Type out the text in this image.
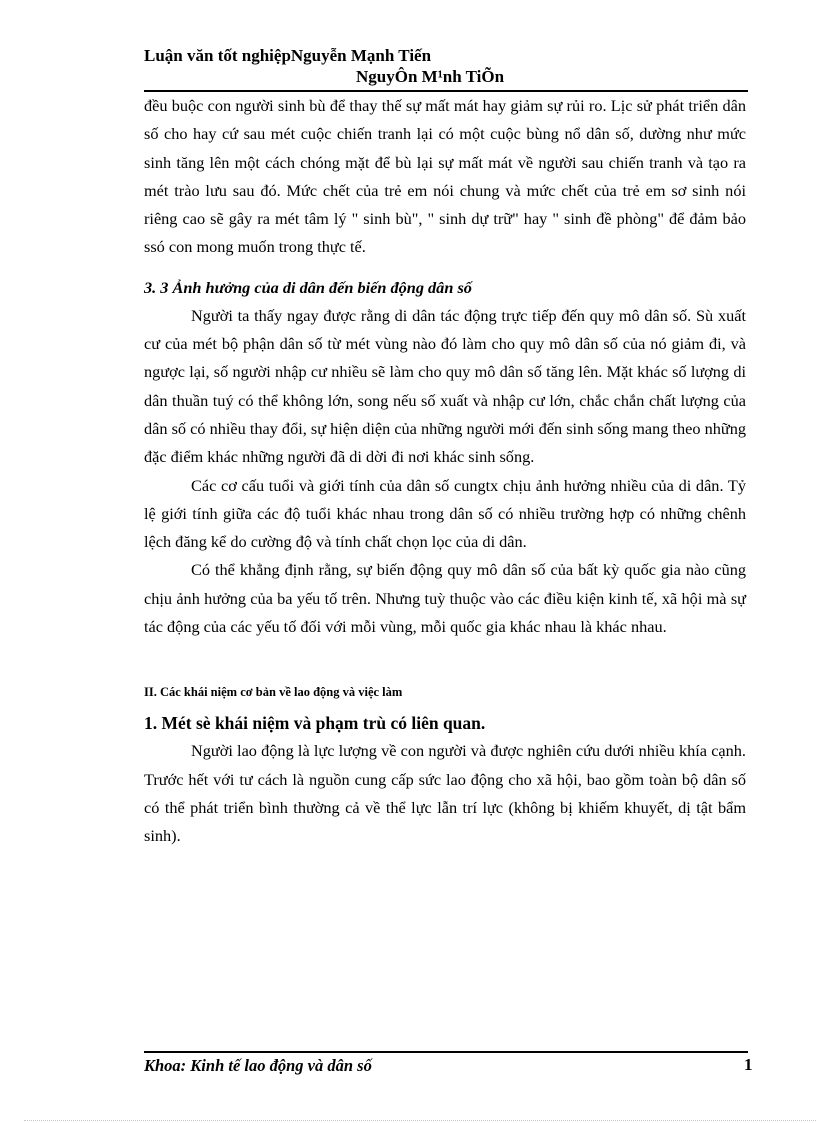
Luận văn tốt nghiệpNguyễn Mạnh Tiến
NguyÔn M¹nh TiÕn

đều buộc con người sinh bù để thay thế sự mất mát hay giảm sự rủi ro. Lịc sử phát triển dân số cho hay cứ sau mét cuộc chiến tranh lại có một cuộc bùng nổ dân số, dường như mức sinh tăng lên một cách chóng mặt để bù lại sự mất mát về người sau chiến tranh và tạo ra mét trào lưu sau đó. Mức chết của trẻ em nói chung và mức chết của trẻ em sơ sinh nói riêng cao sẽ gây ra mét tâm lý " sinh bù", " sinh dự trữ" hay " sinh đề phòng" để đảm bảo ssó con mong muốn trong thực tế.

3. 3 Ảnh hưởng của di dân đến biến động dân số

Người ta thấy ngay được rằng di dân tác động trực tiếp đến quy mô dân số. Sù xuất cư của mét bộ phận dân số từ mét vùng nào đó làm cho quy mô dân số của nó giảm đi, và ngược lại, số người nhập cư nhiều sẽ làm cho quy mô dân số tăng lên. Mặt khác số lượng di dân thuần tuý có thể không lớn, song nếu số xuất và nhập cư lớn, chắc chắn chất lượng của dân số có nhiều thay đổi, sự hiện diện của những người mới đến sinh sống mang theo những đặc điểm khác những người đã di dời đi nơi khác sinh sống.

Các cơ cấu tuổi và giới tính của dân số cungtx chịu ảnh hưởng nhiều của di dân. Tỷ lệ giới tính giữa các độ tuổi khác nhau trong dân số có nhiều trường hợp có những chênh lệch đăng kể do cường độ và tính chất chọn lọc của di dân.

Có thể khẳng định rằng, sự biến động quy mô dân số của bất kỳ quốc gia nào cũng chịu ảnh hưởng của ba yếu tố trên. Nhưng tuỳ thuộc vào các điều kiện kinh tế, xã hội mà sự tác động của các yếu tố đối với mỗi vùng, mỗi quốc gia khác nhau là khác nhau.

II. Các khái niệm cơ bản về lao động và việc làm

1. Mét sè khái niệm và phạm trù có liên quan.

Người lao động là lực lượng về con người và được nghiên cứu dưới nhiều khía cạnh. Trước hết với tư cách là nguồn cung cấp sức lao động cho xã hội, bao gồm toàn bộ dân số có thể phát triển bình thường cả về thể lực lẫn trí lực (không bị khiếm khuyết, dị tật bẩm sinh).

Khoa: Kinh tế lao động và dân số	1
